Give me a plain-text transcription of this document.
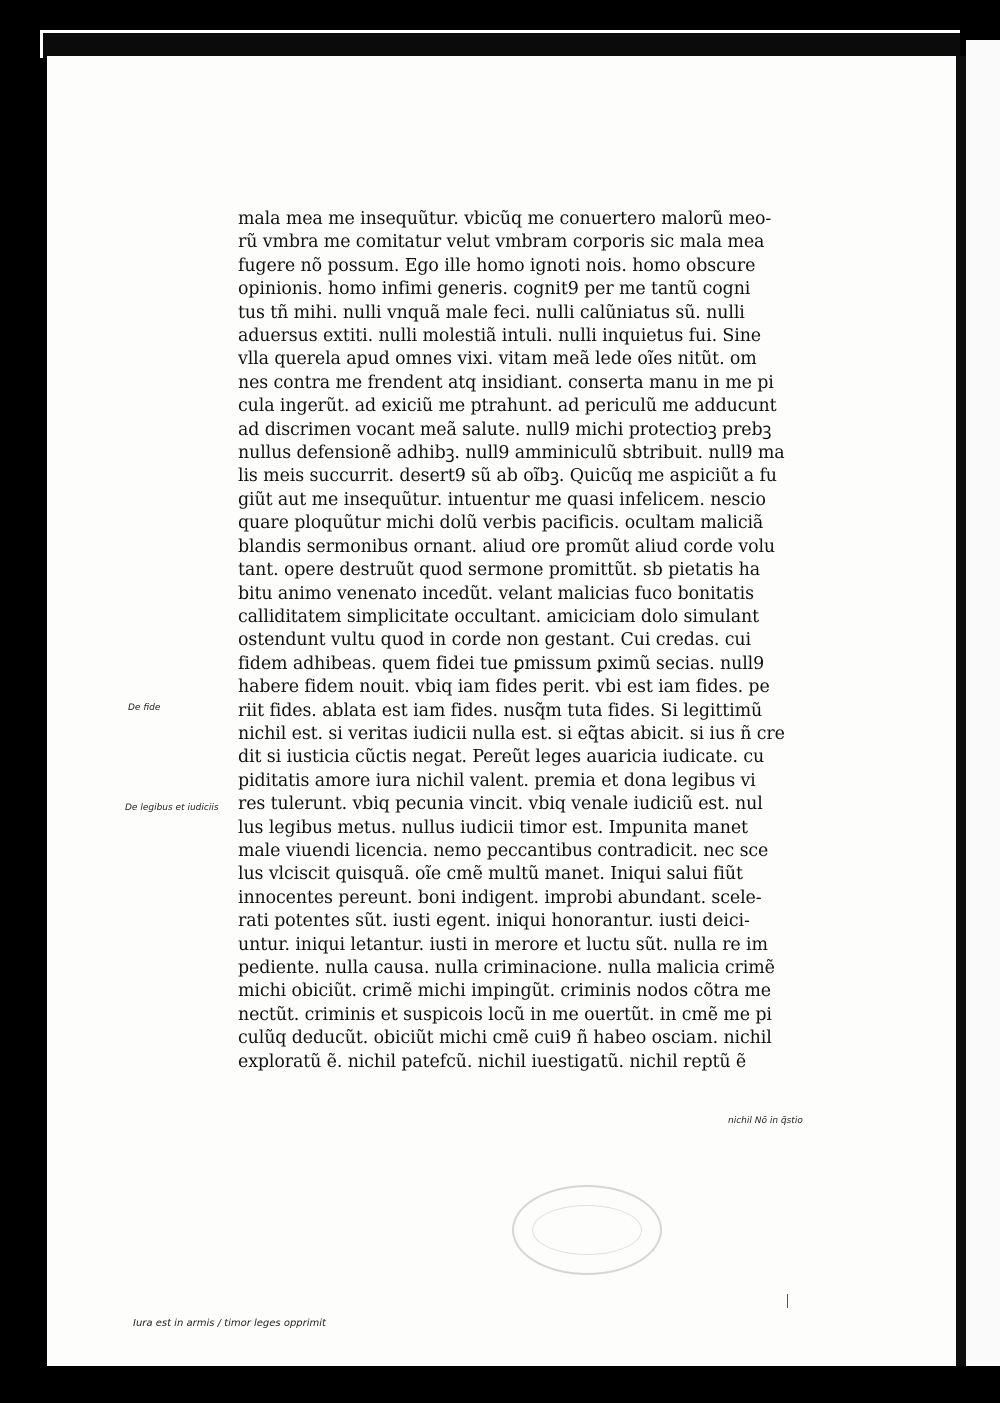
mala mea me insequũtur. vbicũq me conuertero malorũ meo-
rũ vmbra me comitatur velut vmbram corporis sic mala mea
fugere nõ possum. Ego ille homo ignoti nois. homo obscure
opinionis. homo infimi generis. cognit9 per me tantũ cogni
tus tñ mihi. nulli vnquã male feci. nulli calũniatus sũ. nulli
aduersus extiti. nulli molestiã intuli. nulli inquietus fui. Sine
vlla querela apud omnes vixi. vitam meã lede oĩes nitũt. om
nes contra me frendent atq insidiant. conserta manu in me pi
cula ingerũt. ad exiciũ me ptrahunt. ad periculũ me adducunt
ad discrimen vocant meã salute. null9 michi protectioꝫ prebꝫ
nullus defensionẽ adhibꝫ. null9 amminiculũ sbtribuit. null9 ma
lis meis succurrit. desert9 sũ ab oĩbꝫ. Quicũq me aspiciũt a fu
giũt aut me insequũtur. intuentur me quasi infelicem. nescio
quare ploquũtur michi dolũ verbis pacificis. ocultam maliciã
blandis sermonibus ornant. aliud ore promũt aliud corde volu
tant. opere destruũt quod sermone promittũt. sb pietatis ha
bitu animo venenato incedũt. velant malicias fuco bonitatis
calliditatem simplicitate occultant. amiciciam dolo simulant
ostendunt vultu quod in corde non gestant. Cui credas. cui
fidem adhibeas. quem fidei tue ꝑmissum ꝑximũ secias. null9
habere fidem nouit. vbiq iam fides perit. vbi est iam fides. pe
riit fides. ablata est iam fides. nusq̃m tuta fides. Si legittimũ
nichil est. si veritas iudicii nulla est. si eq̃tas abicit. si ius ñ cre
dit si iusticia cũctis negat. Pereũt leges auaricia iudicate. cu
piditatis amore iura nichil valent. premia et dona legibus vi
res tulerunt. vbiq pecunia vincit. vbiq venale iudiciũ est. nul
lus legibus metus. nullus iudicii timor est. Impunita manet
male viuendi licencia. nemo peccantibus contradicit. nec sce
lus vlciscit quisquã. oĩe cmẽ multũ manet. Iniqui salui fiũt
innocentes pereunt. boni indigent. improbi abundant. scele-
rati potentes sũt. iusti egent. iniqui honorantur. iusti deici-
untur. iniqui letantur. iusti in merore et luctu sũt. nulla re im
pediente. nulla causa. nulla criminacione. nulla malicia crimẽ
michi obiciũt. crimẽ michi impingũt. criminis nodos cõtra me
nectũt. criminis et suspicois locũ in me ouertũt. in cmẽ me pi
culũq deducũt. obiciũt michi cmẽ cui9 ñ habeo osciam. nichil
exploratũ ẽ. nichil patefcũ. nichil iuestigatũ. nichil reptũ ẽ
De fide
De legibus et iudiciis
nichil Nõ in q̃stio
Iura est in armis / timor leges opprimit
